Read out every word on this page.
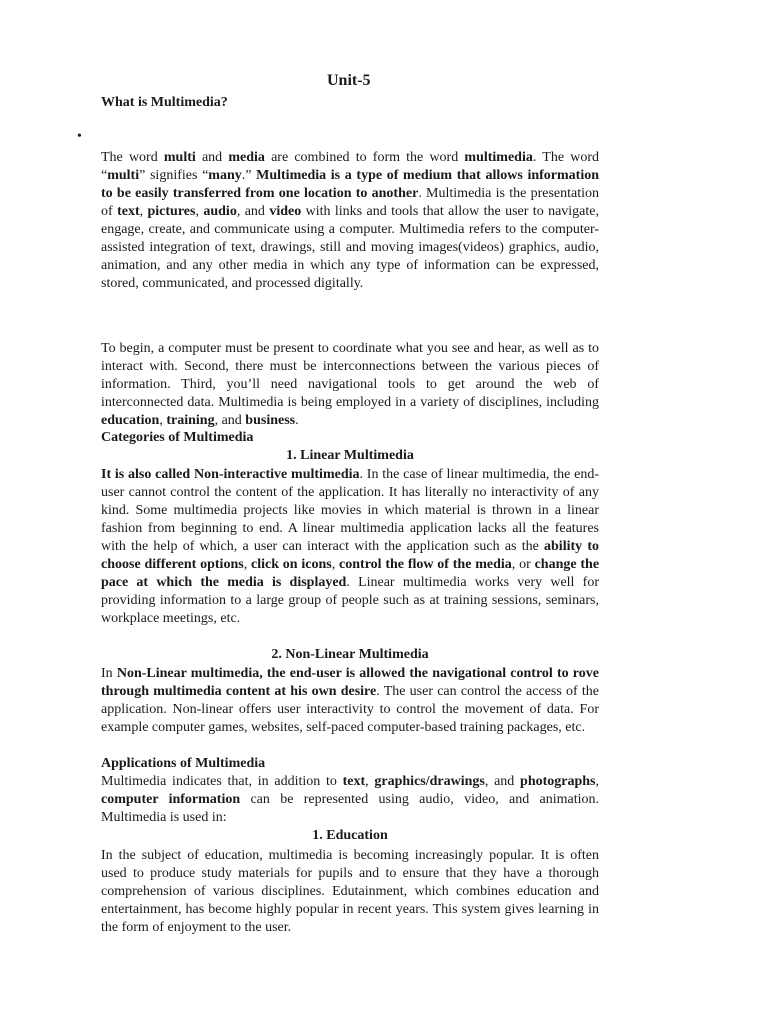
•
Unit-5
What is Multimedia?

The word multi and media are combined to form the word multimedia. The word “multi” signifies “many.” Multimedia is a type of medium that allows information to be easily transferred from one location to another. Multimedia is the presentation of text, pictures, audio, and video with links and tools that allow the user to navigate, engage, create, and communicate using a computer. Multimedia refers to the computer-assisted integration of text, drawings, still and moving images(videos) graphics, audio, animation, and any other media in which any type of information can be expressed, stored, communicated, and processed digitally.

To begin, a computer must be present to coordinate what you see and hear, as well as to interact with. Second, there must be interconnections between the various pieces of information. Third, you’ll need navigational tools to get around the web of interconnected data. Multimedia is being employed in a variety of disciplines, including education, training, and business.

Categories of Multimedia
1. Linear Multimedia

It is also called Non-interactive multimedia. In the case of linear multimedia, the end-user cannot control the content of the application. It has literally no interactivity of any kind. Some multimedia projects like movies in which material is thrown in a linear fashion from beginning to end. A linear multimedia application lacks all the features with the help of which, a user can interact with the application such as the ability to choose different options, click on icons, control the flow of the media, or change the pace at which the media is displayed. Linear multimedia works very well for providing information to a large group of people such as at training sessions, seminars, workplace meetings, etc.

2. Non-Linear Multimedia

In Non-Linear multimedia, the end-user is allowed the navigational control to rove through multimedia content at his own desire. The user can control the access of the application. Non-linear offers user interactivity to control the movement of data. For example computer games, websites, self-paced computer-based training packages, etc.

Applications of Multimedia

Multimedia indicates that, in addition to text, graphics/drawings, and photographs, computer information can be represented using audio, video, and animation. Multimedia is used in:

1. Education

In the subject of education, multimedia is becoming increasingly popular. It is often used to produce study materials for pupils and to ensure that they have a thorough comprehension of various disciplines. Edutainment, which combines education and entertainment, has become highly popular in recent years. This system gives learning in the form of enjoyment to the user.
